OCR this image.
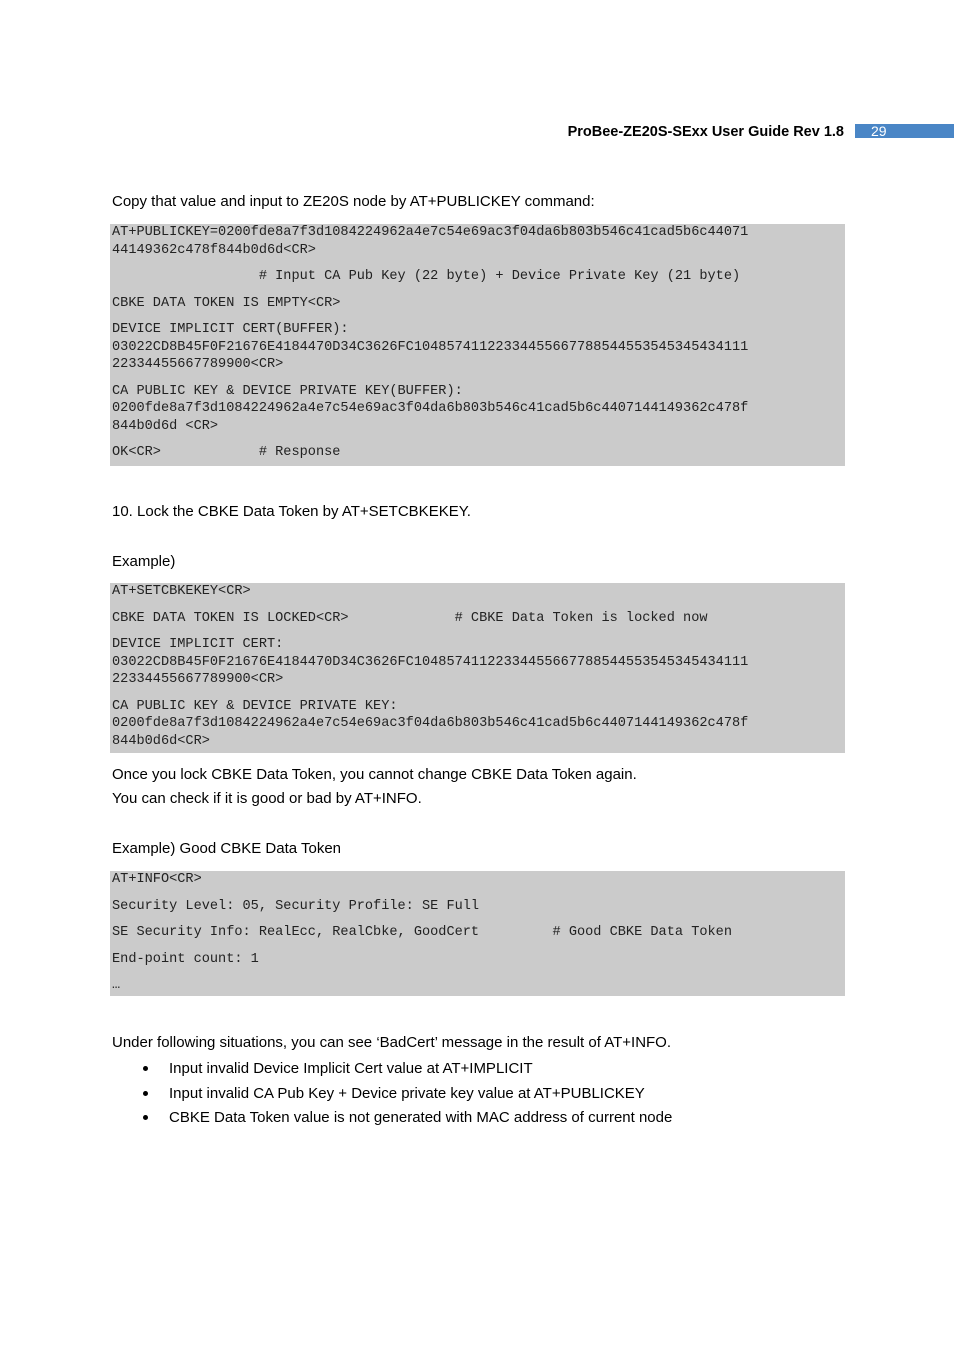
ProBee-ZE20S-SExx User Guide Rev 1.8	29
Copy that value and input to ZE20S node by AT+PUBLICKEY command:
AT+PUBLICKEY=0200fde8a7f3d1084224962a4e7c54e69ac3f04da6b803b546c41cad5b6c44071
44149362c478f844b0d6d<CR>
# Input CA Pub Key (22 byte) + Device Private Key (21 byte)
CBKE DATA TOKEN IS EMPTY<CR>
DEVICE IMPLICIT CERT(BUFFER):
03022CD8B45F0F21676E4184470D34C3626FC10485741122334455667788544553545345434111
22334455667789900<CR>
CA PUBLIC KEY & DEVICE PRIVATE KEY(BUFFER):
0200fde8a7f3d1084224962a4e7c54e69ac3f04da6b803b546c41cad5b6c4407144149362c478f
844b0d6d <CR>
OK<CR>            # Response
10. Lock the CBKE Data Token by AT+SETCBKEKEY.
Example)
AT+SETCBKEKEY<CR>
CBKE DATA TOKEN IS LOCKED<CR>             # CBKE Data Token is locked now
DEVICE IMPLICIT CERT:
03022CD8B45F0F21676E4184470D34C3626FC10485741122334455667788544553545345434111
22334455667789900<CR>
CA PUBLIC KEY & DEVICE PRIVATE KEY:
0200fde8a7f3d1084224962a4e7c54e69ac3f04da6b803b546c41cad5b6c4407144149362c478f
844b0d6d<CR>
Once you lock CBKE Data Token, you cannot change CBKE Data Token again.
You can check if it is good or bad by AT+INFO.
Example) Good CBKE Data Token
AT+INFO<CR>
Security Level: 05, Security Profile: SE Full
SE Security Info: RealEcc, RealCbke, GoodCert         # Good CBKE Data Token
End-point count: 1
…
Under following situations, you can see ‘BadCert’ message in the result of AT+INFO.
Input invalid Device Implicit Cert value at AT+IMPLICIT
Input invalid CA Pub Key + Device private key value at AT+PUBLICKEY
CBKE Data Token value is not generated with MAC address of current node
